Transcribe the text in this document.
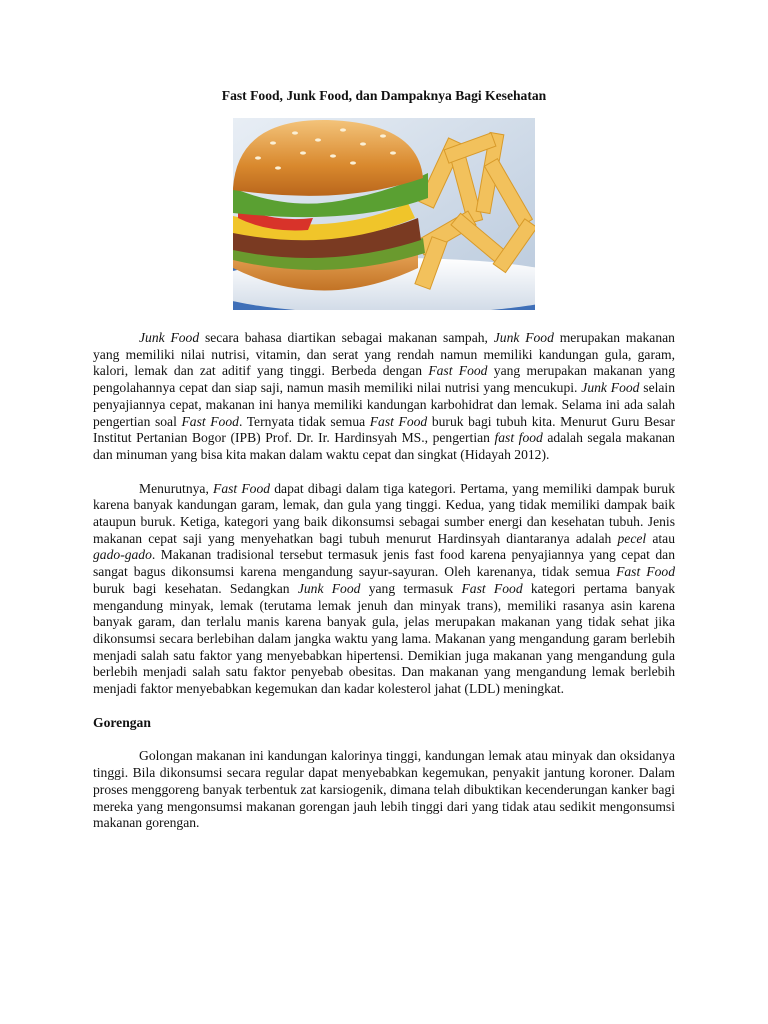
Fast Food, Junk Food, dan Dampaknya Bagi Kesehatan

Junk Food secara bahasa diartikan sebagai makanan sampah, Junk Food merupakan makanan yang memiliki nilai nutrisi, vitamin, dan serat yang rendah namun memiliki kandungan gula, garam, kalori, lemak dan zat aditif yang tinggi. Berbeda dengan Fast Food yang merupakan makanan yang pengolahannya cepat dan siap saji, namun masih memiliki nilai nutrisi yang mencukupi. Junk Food selain penyajiannya cepat, makanan ini hanya memiliki kandungan karbohidrat dan lemak. Selama ini ada salah pengertian soal Fast Food. Ternyata tidak semua Fast Food buruk bagi tubuh kita. Menurut Guru Besar Institut Pertanian Bogor (IPB) Prof. Dr. Ir. Hardinsyah MS., pengertian fast food adalah segala makanan dan minuman yang bisa kita makan dalam waktu cepat dan singkat (Hidayah 2012).

Menurutnya, Fast Food dapat dibagi dalam tiga kategori. Pertama, yang memiliki dampak buruk karena banyak kandungan garam, lemak, dan gula yang tinggi. Kedua, yang tidak memiliki dampak baik ataupun buruk. Ketiga, kategori yang baik dikonsumsi sebagai sumber energi dan kesehatan tubuh. Jenis makanan cepat saji yang menyehatkan bagi tubuh menurut Hardinsyah diantaranya adalah pecel atau gado-gado. Makanan tradisional tersebut termasuk jenis fast food karena penyajiannya yang cepat dan sangat bagus dikonsumsi karena mengandung sayur-sayuran. Oleh karenanya, tidak semua Fast Food buruk bagi kesehatan. Sedangkan Junk Food yang termasuk Fast Food kategori pertama banyak mengandung minyak, lemak (terutama lemak jenuh dan minyak trans), memiliki rasanya asin karena banyak garam, dan terlalu manis karena banyak gula, jelas merupakan makanan yang tidak sehat jika dikonsumsi secara berlebihan dalam jangka waktu yang lama. Makanan yang mengandung garam berlebih menjadi salah satu faktor yang menyebabkan hipertensi. Demikian juga makanan yang mengandung gula berlebih menjadi salah satu faktor penyebab obesitas. Dan makanan yang mengandung lemak berlebih menjadi faktor menyebabkan kegemukan dan kadar kolesterol jahat (LDL) meningkat.

Gorengan

Golongan makanan ini kandungan kalorinya tinggi, kandungan lemak atau minyak dan oksidanya tinggi. Bila dikonsumsi secara regular dapat menyebabkan kegemukan, penyakit jantung koroner. Dalam proses menggoreng banyak terbentuk zat karsiogenik, dimana telah dibuktikan kecenderungan kanker bagi mereka yang mengonsumsi makanan gorengan jauh lebih tinggi dari yang tidak atau sedikit mengonsumsi makanan gorengan.
